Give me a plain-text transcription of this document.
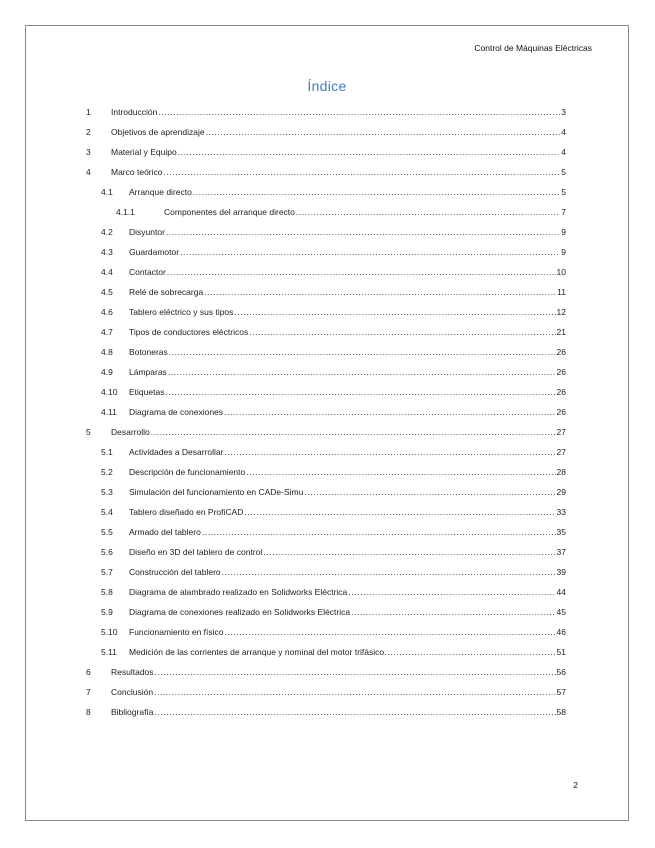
Control de Máquinas Eléctricas
Índice
1	Introducción .....	3
2	Objetivos de aprendizaje .....	4
3	Material y Equipo .....	4
4	Marco teórico .....	5
4.1	Arranque directo .....	5
4.1.1	Componentes del arranque directo .....	7
4.2	Disyuntor .....	9
4.3	Guardamotor .....	9
4.4	Contactor .....	10
4.5	Relé de sobrecarga .....	11
4.6	Tablero eléctrico y sus tipos .....	12
4.7	Tipos de conductores eléctricos .....	21
4.8	Botoneras .....	26
4.9	Lámparas .....	26
4.10	Etiquetas .....	26
4.11	Diagrama de conexiones .....	26
5	Desarrollo .....	27
5.1	Actividades a Desarrollar .....	27
5.2	Descripción de funcionamiento .....	28
5.3	Simulación del funcionamiento en CADe-Simu .....	29
5.4	Tablero diseñado en ProfiCAD .....	33
5.5	Armado del tablero .....	35
5.6	Diseño en 3D del tablero de control .....	37
5.7	Construcción del tablero .....	39
5.8	Diagrama de alambrado realizado en Solidworks Eléctrica .....	44
5.9	Diagrama de conexiones realizado en Solidworks Eléctrica .....	45
5.10	Funcionamiento en físico .....	46
5.11	Medición de las corrientes de arranque y nominal del motor trifásico. .....	51
6	Resultados .....	56
7	Conclusión .....	57
8	Bibliografía .....	58
2
